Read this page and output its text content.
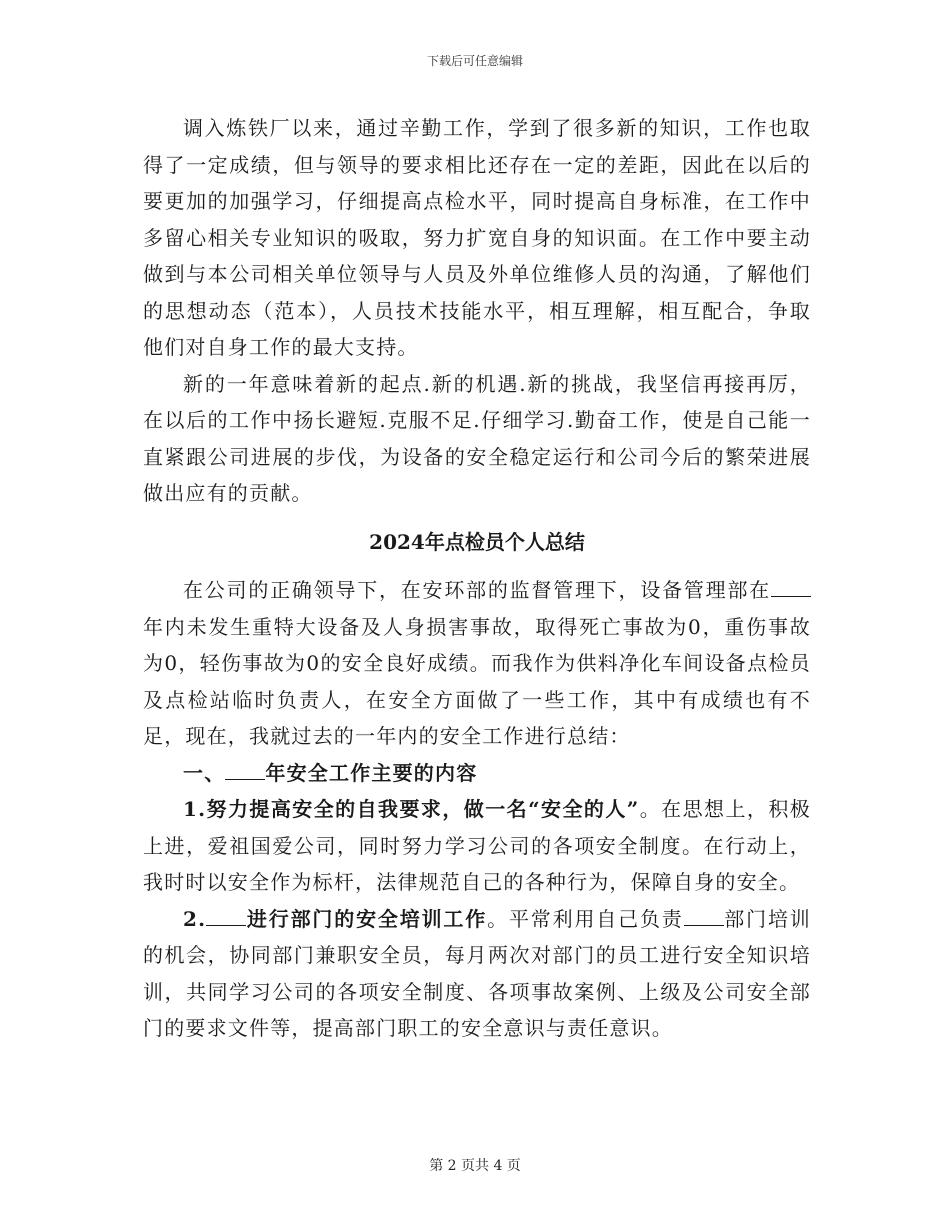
下载后可任意编辑

调入炼铁厂以来，通过辛勤工作，学到了很多新的知识，工作也取得了一定成绩，但与领导的要求相比还存在一定的差距，因此在以后的要更加的加强学习，仔细提高点检水平，同时提高自身标准，在工作中多留心相关专业知识的吸取，努力扩宽自身的知识面。在工作中要主动做到与本公司相关单位领导与人员及外单位维修人员的沟通，了解他们的思想动态（范本），人员技术技能水平，相互理解，相互配合，争取他们对自身工作的最大支持。

新的一年意味着新的起点.新的机遇.新的挑战，我坚信再接再厉，在以后的工作中扬长避短.克服不足.仔细学习.勤奋工作，使是自己能一直紧跟公司进展的步伐，为设备的安全稳定运行和公司今后的繁荣进展做出应有的贡献。

2024年点检员个人总结

在公司的正确领导下，在安环部的监督管理下，设备管理部在年内未发生重特大设备及人身损害事故，取得死亡事故为0，重伤事故为0，轻伤事故为0的安全良好成绩。而我作为供料净化车间设备点检员及点检站临时负责人，在安全方面做了一些工作，其中有成绩也有不足，现在，我就过去的一年内的安全工作进行总结：

一、 年安全工作主要的内容

1.努力提高安全的自我要求，做一名“安全的人”。在思想上，积极上进，爱祖国爱公司，同时努力学习公司的各项安全制度。在行动上，我时时以安全作为标杆，法律规范自己的各种行为，保障自身的安全。

2. 进行部门的安全培训工作。平常利用自己负责 部门培训的机会，协同部门兼职安全员，每月两次对部门的员工进行安全知识培训，共同学习公司的各项安全制度、各项事故案例、上级及公司安全部门的要求文件等，提高部门职工的安全意识与责任意识。

第 2 页共 4 页
